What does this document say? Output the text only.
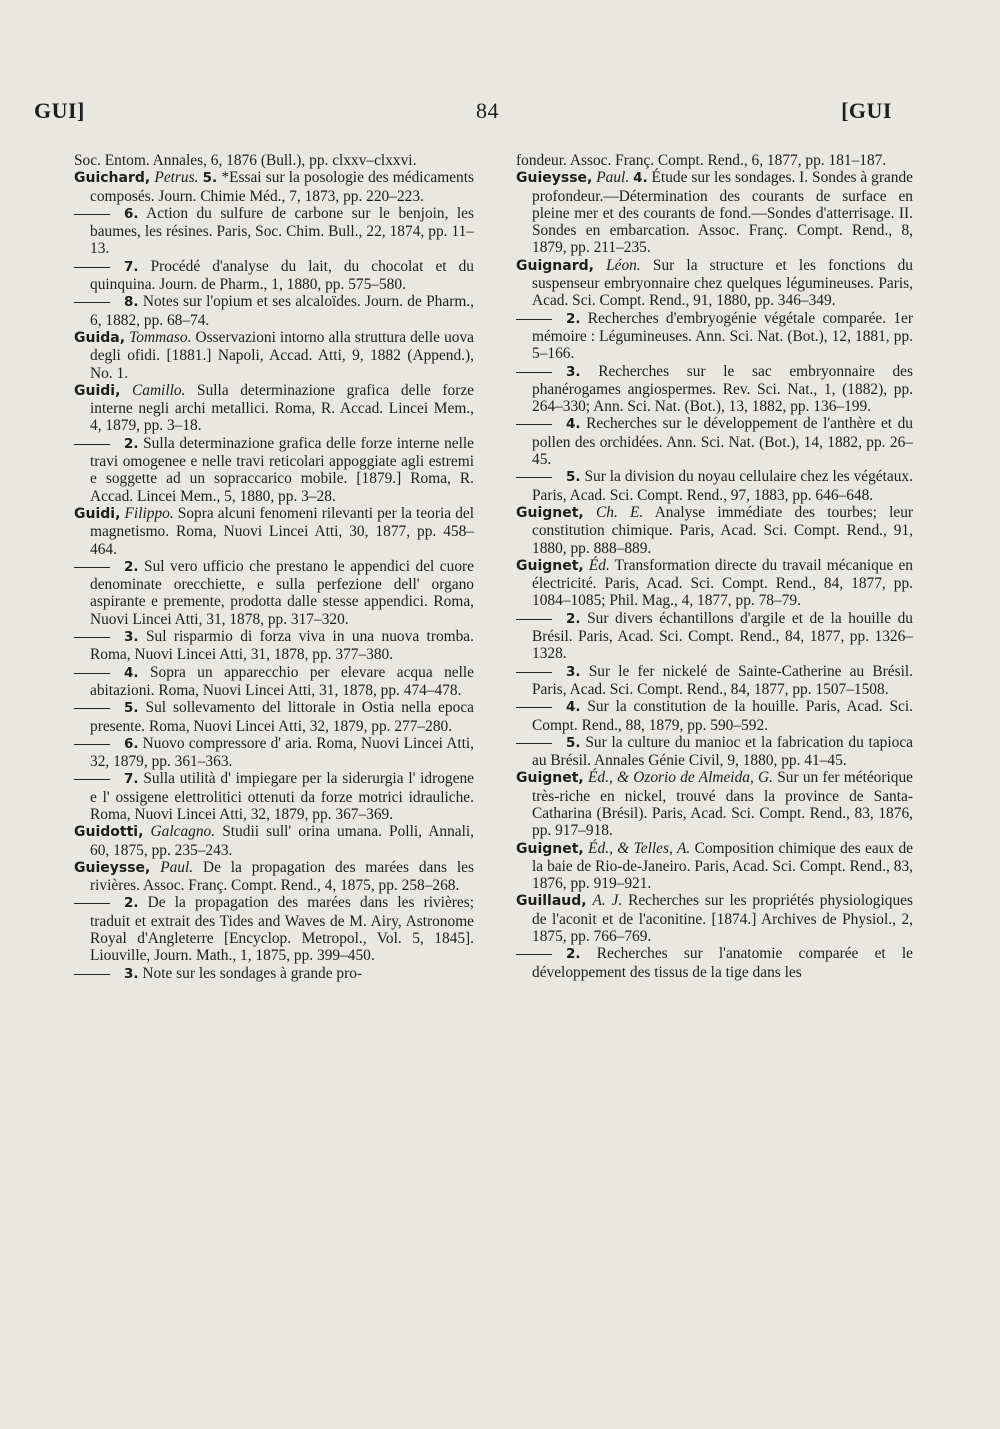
GUI]	84	[GUI

Soc. Entom. Annales, 6, 1876 (Bull.), pp. clxxv–clxxvi.

Guichard, Petrus. 5. *Essai sur la posologie des médicaments composés. Journ. Chimie Méd., 7, 1873, pp. 220–223.

6. Action du sulfure de carbone sur le benjoin, les baumes, les résines. Paris, Soc. Chim. Bull., 22, 1874, pp. 11–13.

7. Procédé d'analyse du lait, du chocolat et du quinquina. Journ. de Pharm., 1, 1880, pp. 575–580.

8. Notes sur l'opium et ses alcaloïdes. Journ. de Pharm., 6, 1882, pp. 68–74.

Guida, Tommaso. Osservazioni intorno alla struttura delle uova degli ofidi. [1881.] Napoli, Accad. Atti, 9, 1882 (Append.), No. 1.

Guidi, Camillo. Sulla determinazione grafica delle forze interne negli archi metallici. Roma, R. Accad. Lincei Mem., 4, 1879, pp. 3–18.

2. Sulla determinazione grafica delle forze interne nelle travi omogenee e nelle travi reticolari appoggiate agli estremi e soggette ad un sopraccarico mobile. [1879.] Roma, R. Accad. Lincei Mem., 5, 1880, pp. 3–28.

Guidi, Filippo. Sopra alcuni fenomeni rilevanti per la teoria del magnetismo. Roma, Nuovi Lincei Atti, 30, 1877, pp. 458–464.

2. Sul vero ufficio che prestano le appendici del cuore denominate orecchiette, e sulla perfezione dell' organo aspirante e premente, prodotta dalle stesse appendici. Roma, Nuovi Lincei Atti, 31, 1878, pp. 317–320.

3. Sul risparmio di forza viva in una nuova tromba. Roma, Nuovi Lincei Atti, 31, 1878, pp. 377–380.

4. Sopra un apparecchio per elevare acqua nelle abitazioni. Roma, Nuovi Lincei Atti, 31, 1878, pp. 474–478.

5. Sul sollevamento del littorale in Ostia nella epoca presente. Roma, Nuovi Lincei Atti, 32, 1879, pp. 277–280.

6. Nuovo compressore d' aria. Roma, Nuovi Lincei Atti, 32, 1879, pp. 361–363.

7. Sulla utilità d' impiegare per la siderurgia l' idrogene e l' ossigene elettrolitici ottenuti da forze motrici idrauliche. Roma, Nuovi Lincei Atti, 32, 1879, pp. 367–369.

Guidotti, Galcagno. Studii sull' orina umana. Polli, Annali, 60, 1875, pp. 235–243.

Guieysse, Paul. De la propagation des marées dans les rivières. Assoc. Franç. Compt. Rend., 4, 1875, pp. 258–268.

2. De la propagation des marées dans les rivières; traduit et extrait des Tides and Waves de M. Airy, Astronome Royal d'Angleterre [Encyclop. Metropol., Vol. 5, 1845]. Liouville, Journ. Math., 1, 1875, pp. 399–450.

3. Note sur les sondages à grande pro-

fondeur. Assoc. Franç. Compt. Rend., 6, 1877, pp. 181–187.

Guieysse, Paul. 4. Étude sur les sondages. I. Sondes à grande profondeur.—Détermination des courants de surface en pleine mer et des courants de fond.—Sondes d'atterrisage. II. Sondes en embarcation. Assoc. Franç. Compt. Rend., 8, 1879, pp. 211–235.

Guignard, Léon. Sur la structure et les fonctions du suspenseur embryonnaire chez quelques légumineuses. Paris, Acad. Sci. Compt. Rend., 91, 1880, pp. 346–349.

2. Recherches d'embryogénie végétale comparée. 1er mémoire : Légumineuses. Ann. Sci. Nat. (Bot.), 12, 1881, pp. 5–166.

3. Recherches sur le sac embryonnaire des phanérogames angiospermes. Rev. Sci. Nat., 1, (1882), pp. 264–330; Ann. Sci. Nat. (Bot.), 13, 1882, pp. 136–199.

4. Recherches sur le développement de l'anthère et du pollen des orchidées. Ann. Sci. Nat. (Bot.), 14, 1882, pp. 26–45.

5. Sur la division du noyau cellulaire chez les végétaux. Paris, Acad. Sci. Compt. Rend., 97, 1883, pp. 646–648.

Guignet, Ch. E. Analyse immédiate des tourbes; leur constitution chimique. Paris, Acad. Sci. Compt. Rend., 91, 1880, pp. 888–889.

Guignet, Éd. Transformation directe du travail mécanique en électricité. Paris, Acad. Sci. Compt. Rend., 84, 1877, pp. 1084–1085; Phil. Mag., 4, 1877, pp. 78–79.

2. Sur divers échantillons d'argile et de la houille du Brésil. Paris, Acad. Sci. Compt. Rend., 84, 1877, pp. 1326–1328.

3. Sur le fer nickelé de Sainte-Catherine au Brésil. Paris, Acad. Sci. Compt. Rend., 84, 1877, pp. 1507–1508.

4. Sur la constitution de la houille. Paris, Acad. Sci. Compt. Rend., 88, 1879, pp. 590–592.

5. Sur la culture du manioc et la fabrication du tapioca au Brésil. Annales Génie Civil, 9, 1880, pp. 41–45.

Guignet, Éd., & Ozorio de Almeida, G. Sur un fer météorique très-riche en nickel, trouvé dans la province de Santa-Catharina (Brésil). Paris, Acad. Sci. Compt. Rend., 83, 1876, pp. 917–918.

Guignet, Éd., & Telles, A. Composition chimique des eaux de la baie de Rio-de-Janeiro. Paris, Acad. Sci. Compt. Rend., 83, 1876, pp. 919–921.

Guillaud, A. J. Recherches sur les propriétés physiologiques de l'aconit et de l'aconitine. [1874.] Archives de Physiol., 2, 1875, pp. 766–769.

2. Recherches sur l'anatomie comparée et le développement des tissus de la tige dans les
